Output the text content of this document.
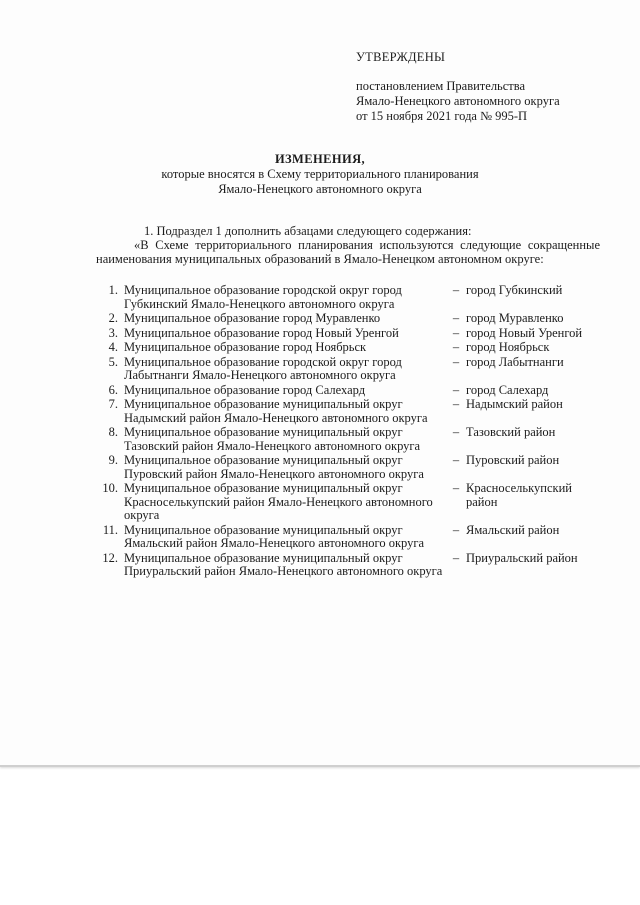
УТВЕРЖДЕНЫ
постановлением Правительства
Ямало-Ненецкого автономного округа
от 15 ноября 2021 года № 995-П
ИЗМЕНЕНИЯ,
которые вносятся в Схему территориального планирования
Ямало-Ненецкого автономного округа
1. Подраздел 1 дополнить абзацами следующего содержания:
«В Схеме территориального планирования используются следующие сокращенные наименования муниципальных образований в Ямало-Ненецком автономном округе:
1. Муниципальное образование городской округ город Губкинский Ямало-Ненецкого автономного округа
– город Губкинский
2. Муниципальное образование город Муравленко	– город Муравленко
3. Муниципальное образование город Новый Уренгой	– город Новый Уренгой
4. Муниципальное образование город Ноябрьск	– город Ноябрьск
5. Муниципальное образование городской округ город Лабытнанги Ямало-Ненецкого автономного округа
– город Лабытнанги
6. Муниципальное образование город Салехард	– город Салехард
7. Муниципальное образование муниципальный округ Надымский район Ямало-Ненецкого автономного округа
– Надымский район
8. Муниципальное образование муниципальный округ Тазовский район Ямало-Ненецкого автономного округа
– Тазовский район
9. Муниципальное образование муниципальный округ Пуровский район Ямало-Ненецкого автономного округа
– Пуровский район
10. Муниципальное образование муниципальный округ Красноселькупский район Ямало-Ненецкого автономного округа
– Красноселькупский район
11. Муниципальное образование муниципальный округ Ямальский район Ямало-Ненецкого автономного округа
– Ямальский район
12. Муниципальное образование муниципальный округ Приуральский район Ямало-Ненецкого автономного округа
– Приуральский район
